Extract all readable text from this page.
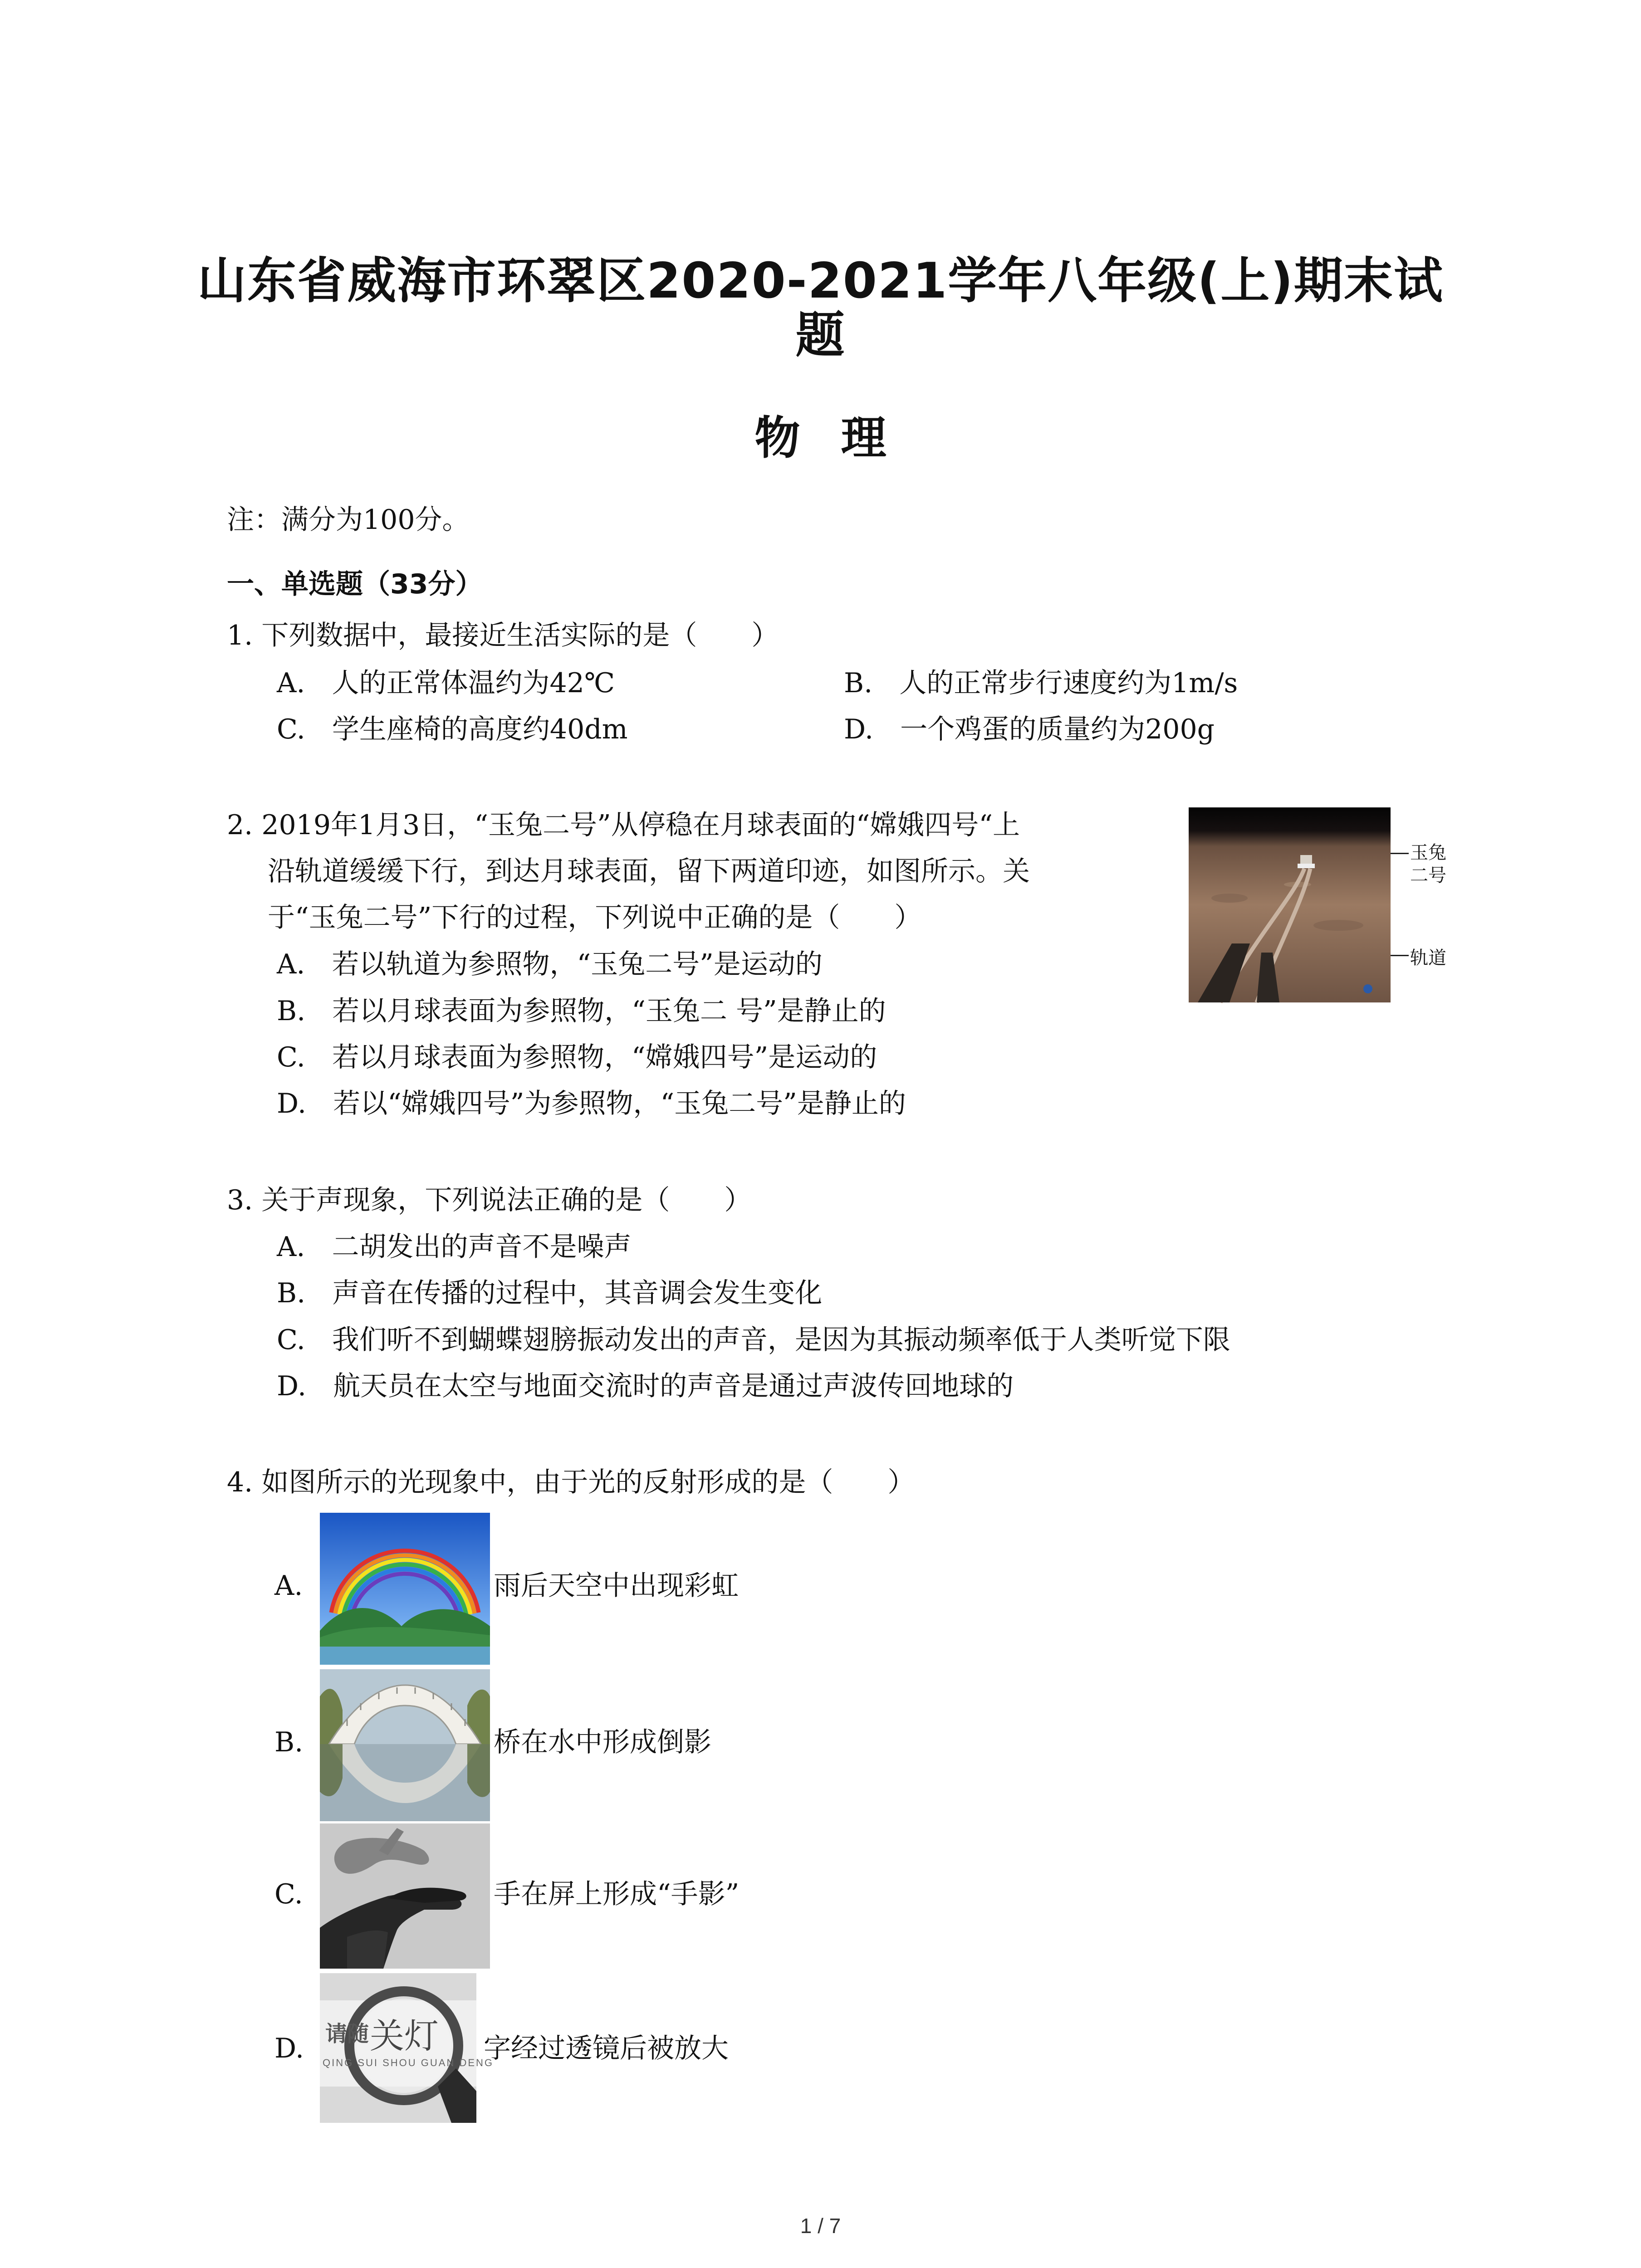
山东省威海市环翠区2020-2021学年八年级(上)期末试
题
物理
注：满分为100分。
一、单选题（33分）
1. 下列数据中，最接近生活实际的是（　　）
A. 人的正常体温约为42℃	B. 人的正常步行速度约为1m/s
C. 学生座椅的高度约40dm	D. 一个鸡蛋的质量约为200g
2. 2019年1月3日，“玉兔二号”从停稳在月球表面的“嫦娥四号“上
沿轨道缓缓下行，到达月球表面，留下两道印迹，如图所示。关
于“玉兔二号”下行的过程，下列说中正确的是（　　）
玉兔
二号
轨道
A. 若以轨道为参照物，“玉兔二号”是运动的
B. 若以月球表面为参照物，“玉兔二 号”是静止的
C. 若以月球表面为参照物，“嫦娥四号”是运动的
D. 若以“嫦娥四号”为参照物，“玉兔二号”是静止的
3. 关于声现象，下列说法正确的是（　　）
A. 二胡发出的声音不是噪声
B. 声音在传播的过程中，其音调会发生变化
C. 我们听不到蝴蝶翅膀振动发出的声音，是因为其振动频率低于人类听觉下限
D. 航天员在太空与地面交流时的声音是通过声波传回地球的
4. 如图所示的光现象中，由于光的反射形成的是（　　）
A.	雨后天空中出现彩虹
B.	桥在水中形成倒影
C.	手在屏上形成“手影”
D. 请随 关灯
QING SUI SHOU GUAN DENG
字经过透镜后被放大
1 / 7
